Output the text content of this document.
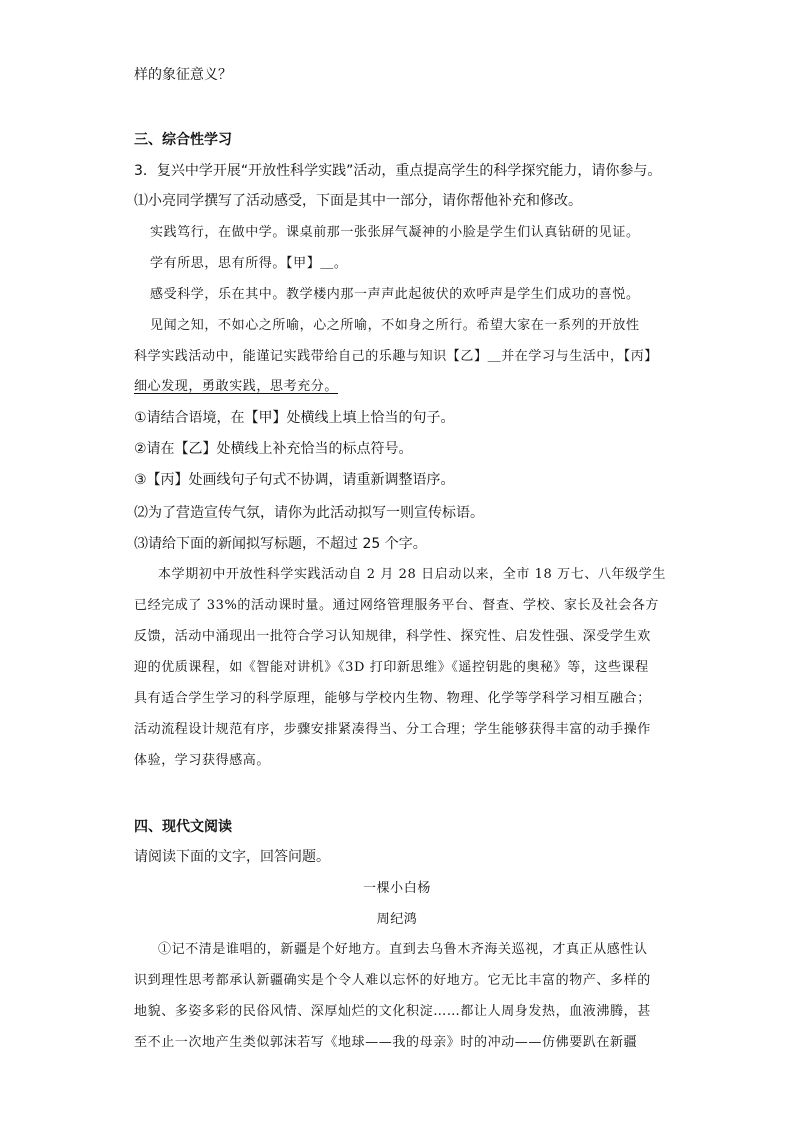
样的象征意义？
三、综合性学习
3．复兴中学开展“开放性科学实践”活动，重点提高学生的科学探究能力，请你参与。
⑴小亮同学撰写了活动感受，下面是其中一部分，请你帮他补充和修改。
实践笃行，在做中学。课桌前那一张张屏气凝神的小脸是学生们认真钻研的见证。
学有所思，思有所得。【甲】＿。
感受科学，乐在其中。教学楼内那一声声此起彼伏的欢呼声是学生们成功的喜悦。
见闻之知，不如心之所喻，心之所喻，不如身之所行。希望大家在一系列的开放性
科学实践活动中，能谨记实践带给自己的乐趣与知识【乙】＿并在学习与生活中，【丙】
细心发现，勇敢实践，思考充分。
①请结合语境，在【甲】处横线上填上恰当的句子。
②请在【乙】处横线上补充恰当的标点符号。
③【丙】处画线句子句式不协调，请重新调整语序。
⑵为了营造宣传气氛，请你为此活动拟写一则宣传标语。
⑶请给下面的新闻拟写标题，不超过 25 个字。
本学期初中开放性科学实践活动自 2 月 28 日启动以来，全市 18 万七、八年级学生
已经完成了 33%的活动课时量。通过网络管理服务平台、督查、学校、家长及社会各方
反馈，活动中涌现出一批符合学习认知规律，科学性、探究性、启发性强、深受学生欢
迎的优质课程，如《智能对讲机》《3D 打印新思维》《遥控钥匙的奥秘》等，这些课程
具有适合学生学习的科学原理，能够与学校内生物、物理、化学等学科学习相互融合；
活动流程设计规范有序，步骤安排紧凑得当、分工合理；学生能够获得丰富的动手操作
体验，学习获得感高。
四、现代文阅读
请阅读下面的文字，回答问题。
一棵小白杨
周纪鸿
①记不清是谁唱的，新疆是个好地方。直到去乌鲁木齐海关巡视，才真正从感性认
识到理性思考都承认新疆确实是个令人难以忘怀的好地方。它无比丰富的物产、多样的
地貌、多姿多彩的民俗风情、深厚灿烂的文化积淀……都让人周身发热，血液沸腾，甚
至不止一次地产生类似郭沫若写《地球——我的母亲》时的冲动——仿佛要趴在新疆
